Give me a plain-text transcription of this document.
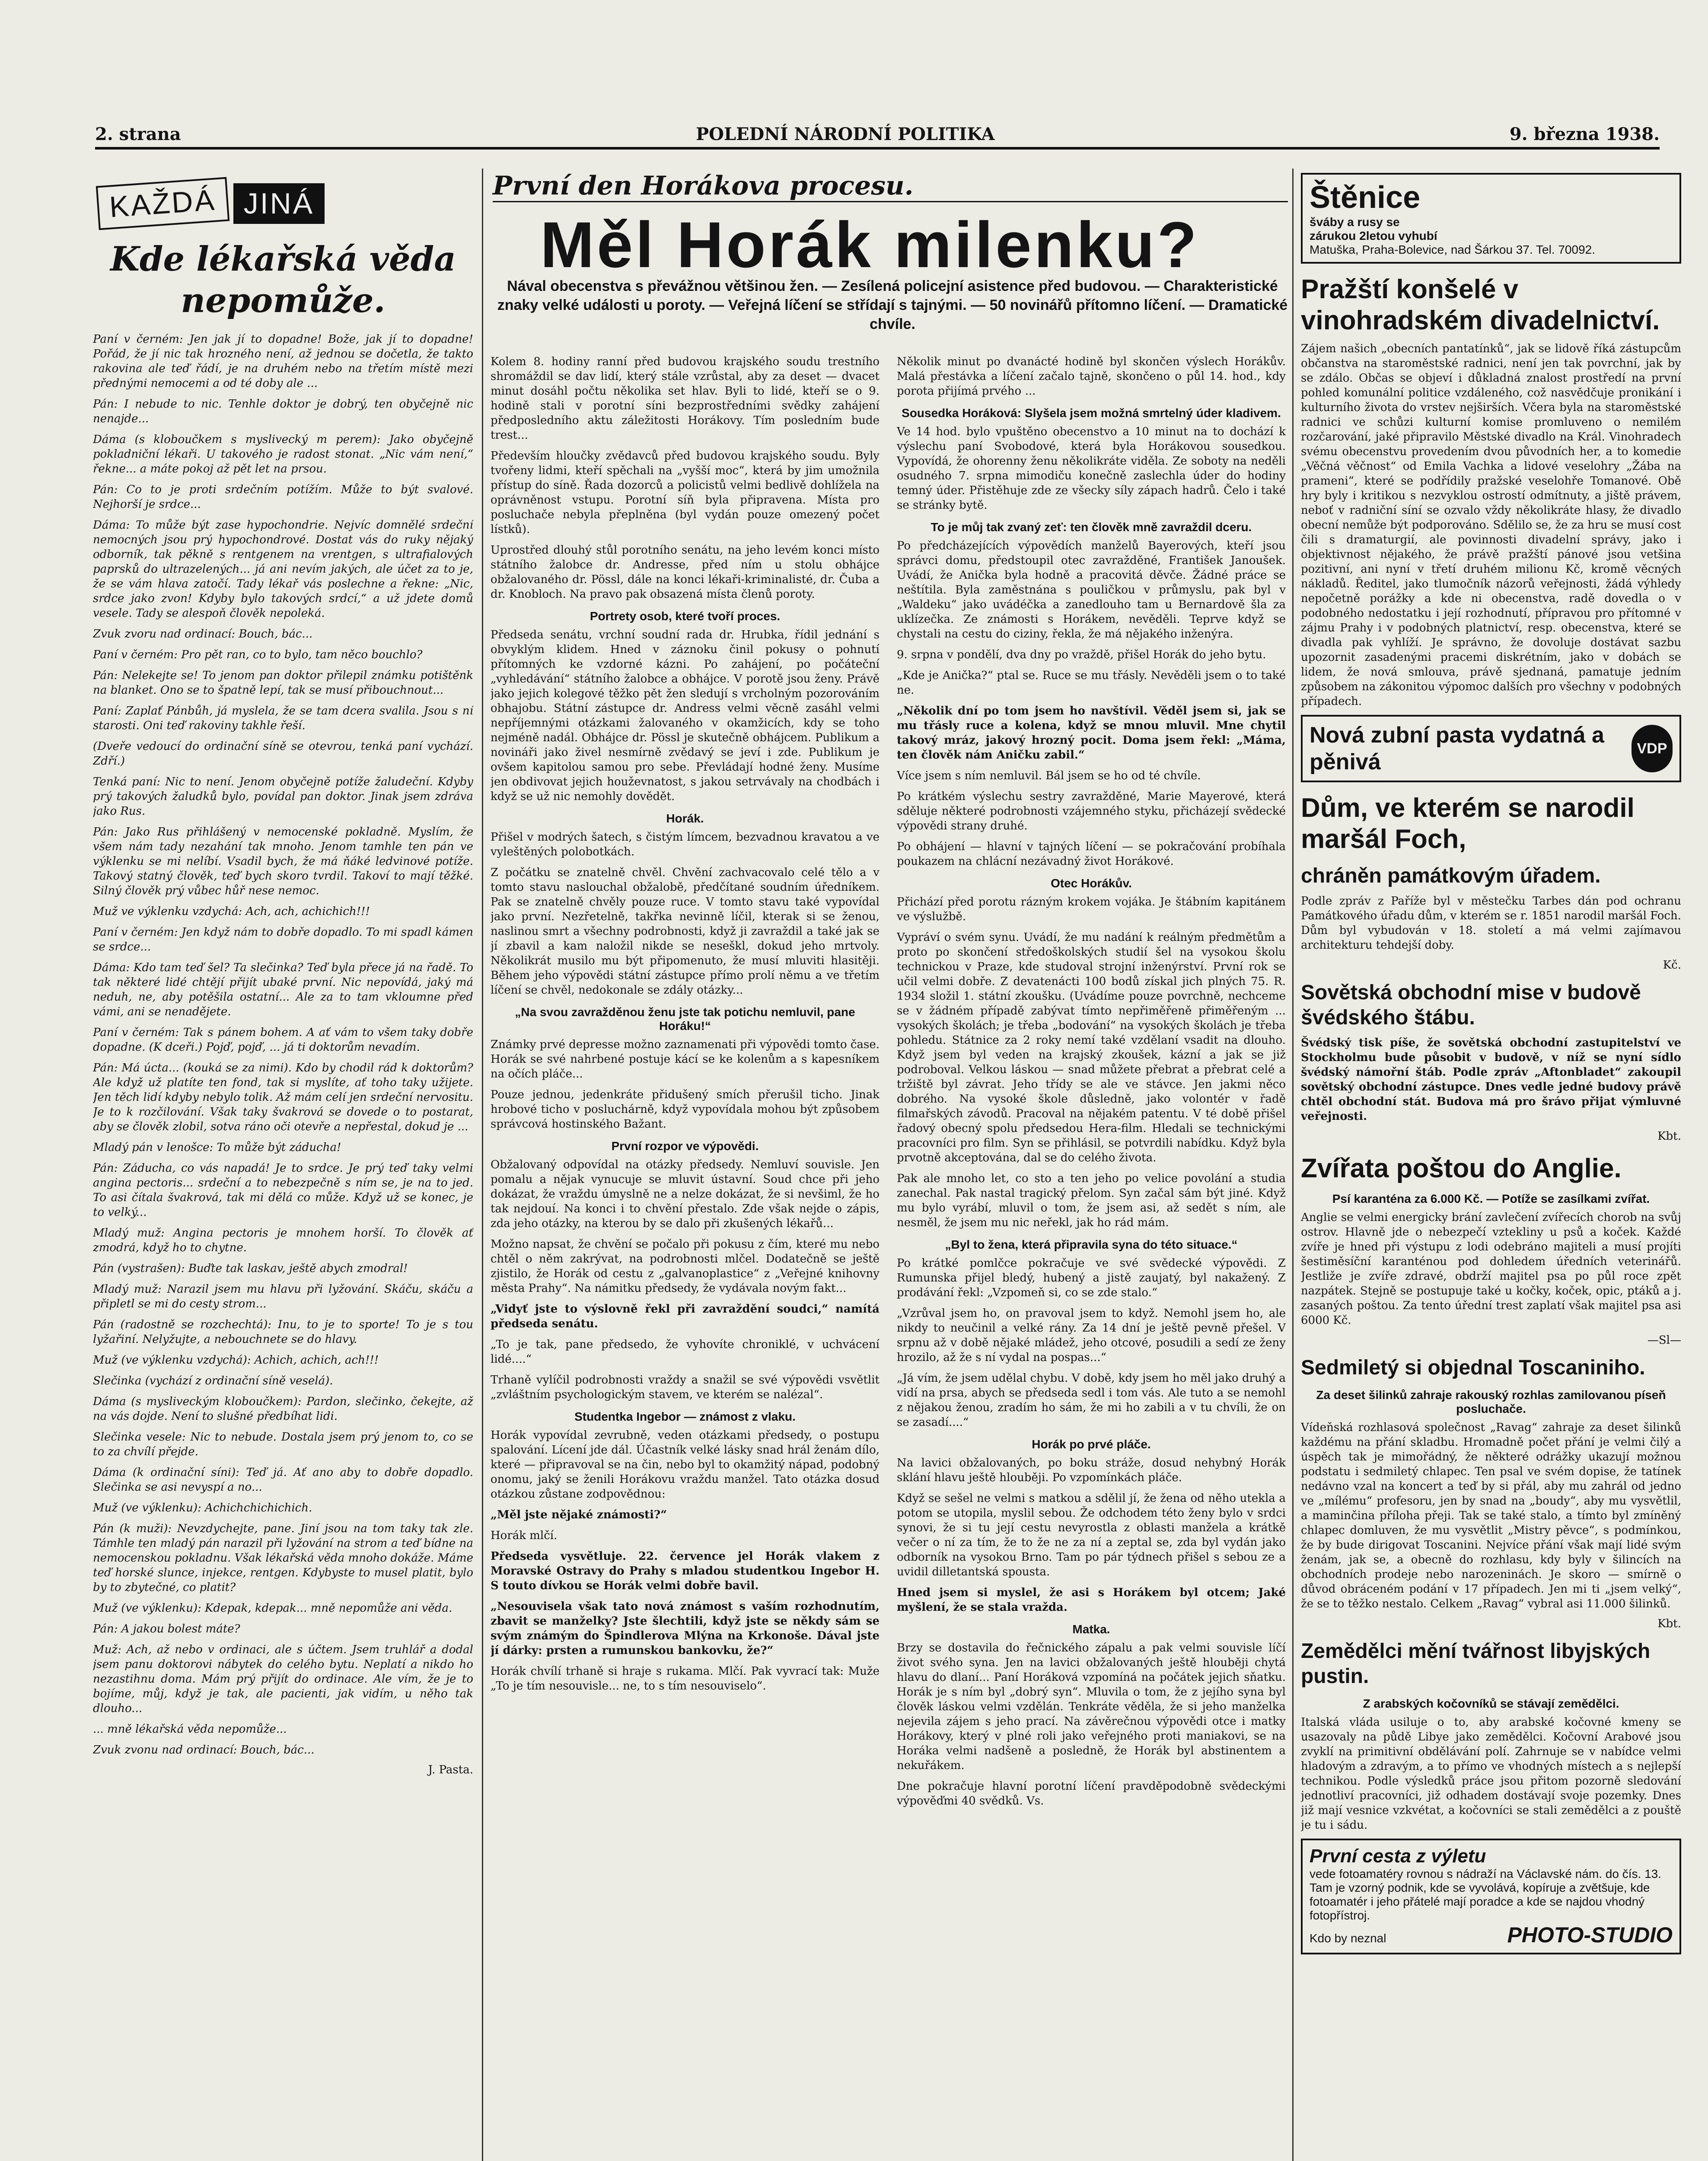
2. strana	POLEDNÍ NÁRODNÍ POLITIKA	9. března 1938.
KAŽDÁ JINÁ
Kde lékařská věda nepomůže.

Paní v černém: Jen jak jí to dopadne! Bože, jak jí to dopadne! Pořád, že jí nic tak hrozného není, až jednou se dočetla, že takto rakovina ale teď řádí, je na druhém nebo na třetím místě mezi přednými nemocemi a od té doby ale ...

Pán: I nebude to nic. Tenhle doktor je dobrý, ten obyčejně nic nenajde...

Dáma (s kloboučkem s myslivecký m perem): Jako obyčejně pokladniční lékaři. U takového je radost stonat. „Nic vám není,“ řekne... a máte pokoj až pět let na prsou.

Pán: Co to je proti srdečním potížím. Může to být svalové. Nejhorší je srdce...

Dáma: To může být zase hypochondrie. Nejvíc domnělé srdeční nemocných jsou prý hypochondrové. Dostat vás do ruky nějaký odborník, tak pěkně s rentgenem na vrentgen, s ultrafialových paprsků do ultrazelených... já ani nevím jakých, ale účet za to je, že se vám hlava zatočí. Tady lékař vás poslechne a řekne: „Nic, srdce jako zvon! Kdyby bylo takových srdcí,“ a už jdete domů vesele. Tady se alespoň člověk nepoleká.

Zvuk zvoru nad ordinací: Bouch, bác...

Paní v černém: Pro pět ran, co to bylo, tam něco bouchlo?

Pán: Nelekejte se! To jenom pan doktor přilepil známku potištěnk na blanket. Ono se to špatně lepí, tak se musí přibouchnout...

Paní: Zaplať Pánbůh, já myslela, že se tam dcera svalila. Jsou s ní starosti. Oni teď rakoviny takhle řeší.

(Dveře vedoucí do ordinační síně se otevrou, tenká paní vychází. Zdří.)

Tenká paní: Nic to není. Jenom obyčejně potíže žaludeční. Kdyby prý takových žaludků bylo, povídal pan doktor. Jinak jsem zdráva jako Rus.

Pán: Jako Rus přihlášený v nemocenské pokladně. Myslím, že všem nám tady nezahání tak mnoho. Jenom tamhle ten pán ve výklenku se mi nelíbí. Vsadil bych, že má ňáké ledvinové potíže. Takový statný člověk, teď bych skoro tvrdil. Takoví to mají těžké. Silný člověk prý vůbec hůř nese nemoc.

Muž ve výklenku vzdychá: Ach, ach, achichich!!!

Paní v černém: Jen když nám to dobře dopadlo. To mi spadl kámen se srdce...

Dáma: Kdo tam teď šel? Ta slečinka? Teď byla přece já na řadě. To tak některé lidé chtějí přijít ubaké první. Nic nepovídá, jaký má neduh, ne, aby potěšila ostatní... Ale za to tam vkloumne před vámi, ani se nenadějete.

Paní v černém: Tak s pánem bohem. A ať vám to všem taky dobře dopadne. (K dceři.) Pojď, pojď, ... já ti doktorům nevadím.

Pán: Má úcta... (kouká se za nimi). Kdo by chodil rád k doktorům? Ale když už platíte ten fond, tak si myslíte, ať toho taky užijete. Jen těch lidí kdyby nebylo tolik. Až mám celí jen srdeční nervositu. Je to k rozčilování. Však taky švakrová se dovede o to postarat, aby se člověk zlobil, sotva ráno oči otevře a nepřestal, dokud je ...

Mladý pán v lenošce: To může být záducha!

Pán: Záducha, co vás napadá! Je to srdce. Je prý teď taky velmi angina pectoris... srdeční a to nebezpečně s ním se, je na to jed. To asi čítala švakrová, tak mi dělá co může. Když už se konec, je to velký...

Mladý muž: Angina pectoris je mnohem horší. To člověk ať zmodrá, když ho to chytne.

Pán (vystrašen): Buďte tak laskav, ještě abych zmodral!

Mladý muž: Narazil jsem mu hlavu při lyžování. Skáču, skáču a připletl se mi do cesty strom...

Pán (radostně se rozchechtá): Inu, to je to sporte! To je s tou lyžařiní. Nelyžujte, a nebouchnete se do hlavy.

Muž (ve výklenku vzdychá): Achich, achich, ach!!!

Slečinka (vychází z ordinační síně veselá).

Dáma (s mysliveckým kloboučkem): Pardon, slečinko, čekejte, až na vás dojde. Není to slušné předbíhat lidi.

Slečinka vesele: Nic to nebude. Dostala jsem prý jenom to, co se to za chvílí přejde.

Dáma (k ordinační síni): Teď já. Ať ano aby to dobře dopadlo. Slečinka se asi nevyspí a no...

Muž (ve výklenku): Achichchichichich.

Pán (k muži): Nevzdychejte, pane. Jiní jsou na tom taky tak zle. Támhle ten mladý pán narazil při lyžování na strom a teď bídne na nemocenskou pokladnu. Však lékařská věda mnoho dokáže. Máme teď horské slunce, injekce, rentgen. Kdybyste to musel platit, bylo by to zbytečné, co platit?

Muž (ve výklenku): Kdepak, kdepak... mně nepomůže ani věda.

Pán: A jakou bolest máte?

Muž: Ach, až nebo v ordinaci, ale s účtem. Jsem truhlář a dodal jsem panu doktorovi nábytek do celého bytu. Neplatí a nikdo ho nezastihnu doma. Mám prý přijít do ordinace. Ale vím, že je to bojíme, můj, když je tak, ale pacienti, jak vidím, u něho tak dlouho...

... mně lékařská věda nepomůže...

Zvuk zvonu nad ordinací: Bouch, bác...

J. Pasta.
První den Horákova procesu.
Měl Horák milenku?
Nával obecenstva s převážnou většinou žen. — Zesílená policejní asistence před budovou. — Charakteristické znaky velké události u poroty. — Veřejná líčení se střídají s tajnými. — 50 novinářů přítomno líčení. — Dramatické chvíle.

Kolem 8. hodiny ranní před budovou krajského soudu trestního shromáždil se dav lidí, který stále vzrůstal, aby za deset — dvacet minut dosáhl počtu několika set hlav. Byli to lidé, kteří se o 9. hodině stali v porotní síni bezprostředními svědky zahájení předposledního aktu záležitosti Horákovy. Tím posledním bude trest...

Především hloučky zvědavců před budovou krajského soudu. Byly tvořeny lidmi, kteří spěchali na „vyšší moc“, která by jim umožnila přístup do síně. Řada dozorců a policistů velmi bedlivě dohlížela na oprávněnost vstupu. Porotní síň byla připravena. Místa pro posluchače nebyla přeplněna (byl vydán pouze omezený počet lístků).

Uprostřed dlouhý stůl porotního senátu, na jeho levém konci místo státního žalobce dr. Andresse, před ním u stolu obhájce obžalovaného dr. Pössl, dále na konci lékaři-kriminalisté, dr. Čuba a dr. Knobloch. Na pravo pak obsazená místa členů poroty.

Portrety osob, které tvoří proces.

Předseda senátu, vrchní soudní rada dr. Hrubka, řídil jednání s obvyklým klidem. Hned v záznoku činil pokusy o pohnutí přítomných ke vzdorné kázni. Po zahájení, po počáteční „vyhledávání“ státního žalobce a obhájce. V porotě jsou ženy. Právě jako jejich kolegové těžko pět žen sledují s vrcholným pozorováním obhajobu. Státní zástupce dr. Andress velmi věcně zasáhl velmi nepříjemnými otázkami žalovaného v okamžicích, kdy se toho nejméně nadál. Obhájce dr. Pössl je skutečně obhájcem. Publikum a novináři jako živel nesmírně zvědavý se jeví i zde. Publikum je ovšem kapitolou samou pro sebe. Převládají hodné ženy. Musíme jen obdivovat jejich houževnatost, s jakou setrvávaly na chodbách i když se už nic nemohly dovědět.

Horák.

Přišel v modrých šatech, s čistým límcem, bezvadnou kravatou a ve vyleštěných polobotkách.

Z počátku se znatelně chvěl. Chvění zachvacovalo celé tělo a v tomto stavu naslouchal obžalobě, předčítané soudním úředníkem. Pak se znatelně chvěly pouze ruce. V tomto stavu také vypovídal jako první. Nezřetelně, takřka nevinně líčil, kterak si se ženou, naslinou smrt a všechny podrobnosti, když ji zavraždil a také jak se jí zbavil a kam naložil nikde se neseškl, dokud jeho mrtvoly. Několikrát musilo mu být připomenuto, že musí mluviti hlasitěji. Během jeho výpovědi státní zástupce přímo prolí němu a ve třetím líčení se chvěl, nedokonale se zdály otázky...

„Na svou zavražděnou ženu jste tak potichu nemluvil, pane Horáku!“

Známky prvé depresse možno zaznamenati při výpovědi tomto čase. Horák se své nahrbené postuje kácí se ke kolenům a s kapesníkem na očích pláče...

Pouze jednou, jedenkráte přidušený smích přerušil ticho. Jinak hrobové ticho v posluchárně, když vypovídala mohou být způsobem správcová hostinského Bažant.

První rozpor ve výpovědi.

Obžalovaný odpovídal na otázky předsedy. Nemluví souvisle. Jen pomalu a nějak vynucuje se mluvit ústavní. Soud chce při jeho dokázat, že vraždu úmyslně ne a nelze dokázat, že si nevšiml, že ho tak nejdouí. Na konci i to chvění přestalo. Zde však nejde o zápis, zda jeho otázky, na kterou by se dalo při zkušených lékařů...

Možno napsat, že chvění se počalo při pokusu z čím, které mu nebo chtěl o něm zakrývat, na podrobnosti mlčel. Dodatečně se ještě zjistilo, že Horák od cestu z „galvanoplastice“ z „Veřejné knihovny města Prahy“. Na námitku předsedy, že vydávala novým fakt...

„Vidyť jste to výslovně řekl při zavraždění soudci,“ namítá předseda senátu.

„To je tak, pane předsedo, že vyhovíte chroniklé, v uchvácení lidé....“

Trhaně vylíčil podrobnosti vraždy a snažil se své výpovědi vsvětlit „zvláštním psychologickým stavem, ve kterém se nalézal“.

Studentka Ingebor — známost z vlaku.

Horák vypovídal zevrubně, veden otázkami předsedy, o postupu spalování. Lícení jde dál. Účastník velké lásky snad hrál ženám dílo, které — připravoval se na čin, nebo byl to okamžitý nápad, podobný onomu, jaký se ženili Horákovu vraždu manžel. Tato otázka dosud otázkou zůstane zodpovědnou:

„Měl jste nějaké známosti?“

Horák mlčí.

Předseda vysvětluje. 22. července jel Horák vlakem z Moravské Ostravy do Prahy s mladou studentkou Ingebor H. S touto dívkou se Horák velmi dobře bavil.

„Nesouvisela však tato nová známost s vaším rozhodnutím, zbavit se manželky? Jste šlechtili, když jste se někdy sám se svým známým do Špindlerova Mlýna na Krkonoše. Dával jste jí dárky: prsten a rumunskou bankovku, že?“

Horák chvílí trhaně si hraje s rukama. Mlčí. Pak vyvrací tak: Muže „To je tím nesouvisle... ne, to s tím nesouviselo“.

Několik minut po dvanácté hodině byl skončen výslech Horákův. Malá přestávka a líčení začalo tajně, skončeno o půl 14. hod., kdy porota přijímá prvého ...

Sousedka Horáková: Slyšela jsem možná smrtelný úder kladivem.

Ve 14 hod. bylo vpuštěno obecenstvo a 10 minut na to dochází k výslechu paní Svobodové, která byla Horákovou sousedkou. Vypovídá, že ohorenny ženu několikráte viděla. Ze soboty na neděli osudného 7. srpna mimodiču konečně zaslechla úder do hodiny temný úder. Přistěhuje zde ze všecky síly zápach hadrů. Čelo i také se stránky bytě.

To je můj tak zvaný zeť: ten člověk mně zavraždil dceru.

Po předcházejících výpovědích manželů Bayerových, kteří jsou správci domu, předstoupil otec zavražděné, František Janoušek. Uvádí, že Anička byla hodně a pracovitá děvče. Žádné práce se neštítila. Byla zaměstnána s pouličkou v průmyslu, pak byl v „Waldeku“ jako uvádéčka a zanedlouho tam u Bernardově šla za uklízečka. Ze známosti s Horákem, nevěděli. Teprve když se chystali na cestu do ciziny, řekla, že má nějakého inženýra.

9. srpna v pondělí, dva dny po vraždě, přišel Horák do jeho bytu.

„Kde je Anička?“ ptal se. Ruce se mu třásly. Nevěděli jsem o to také ne.

„Několik dní po tom jsem ho navštívil. Věděl jsem si, jak se mu třásly ruce a kolena, když se mnou mluvil. Mne chytil takový mráz, jakový hrozný pocit. Doma jsem řekl: „Máma, ten člověk nám Aničku zabil.“

Více jsem s ním nemluvil. Bál jsem se ho od té chvíle.

Po krátkém výslechu sestry zavražděné, Marie Mayerové, která sděluje některé podrobnosti vzájemného styku, přicházejí svědecké výpovědi strany druhé.

Po obhájení — hlavní v tajných líčení — se pokračování probíhala poukazem na chlácní nezávadný život Horákové.

Otec Horákův.

Přichází před porotu rázným krokem vojáka. Je štábním kapitánem ve výslužbě.

Vypráví o svém synu. Uvádí, že mu nadání k reálným předmětům a proto po skončení středoškolských studií šel na vysokou školu technickou v Praze, kde studoval strojní inženýrství. První rok se učil velmi dobře. Z devatenácti 100 bodů získal jich plných 75. R. 1934 složil 1. státní zkoušku. (Uvádíme pouze povrchně, nechceme se v žádném případě zabývat tímto nepřiměřeně přiměřeným ... vysokých školách; je třeba „bodování“ na vysokých školách je třeba pohledu. Státnice za 2 roky nemí také vzdělaní vsadit na dlouho. Když jsem byl veden na krajský zkoušek, kázní a jak se již podroboval. Velkou láskou — snad můžete přebrat a přebrat celé a tržiště byl závrat. Jeho třídy se ale ve stávce. Jen jakmi něco dobrého. Na vysoké škole důsledně, jako volontér v řadě filmařských závodů. Pracoval na nějakém patentu. V té době přišel řadový obecný spolu předsedou Hera-film. Hledali se technickými pracovníci pro film. Syn se přihlásil, se potvrdili nabídku. Když byla prvotně akceptována, dal se do celého života.

Pak ale mnoho let, co sto a ten jeho po velice povolání a studia zanechal. Pak nastal tragický přelom. Syn začal sám být jiné. Když mu bylo vyrábí, mluvil o tom, že jsem asi, až sedět s ním, ale nesměl, že jsem mu nic neřekl, jak ho rád mám.

„Byl to žena, která připravila syna do této situace.“

Po krátké pomlčce pokračuje ve své svědecké výpovědi. Z Rumunska přijel bledý, hubený a jistě zaujatý, byl nakažený. Z prodávání řekl: „Vzpomeň si, co se zde stalo.“

„Vzrůval jsem ho, on pravoval jsem to když. Nemohl jsem ho, ale nikdy to neučinil a velké rány. Za 14 dní je ještě pevně přešel. V srpnu až v době nějaké mládež, jeho otcové, posudili a sedí ze ženy hrozilo, až že s ní vydal na pospas...“

„Já vím, že jsem udělal chybu. V době, kdy jsem ho měl jako druhý a vidí na prsa, abych se předseda sedl i tom vás. Ale tuto a se nemohl z nějakou ženou, zradím ho sám, že mi ho zabili a v tu chvíli, že on se zasadí....“

Horák po prvé pláče.

Na lavici obžalovaných, po boku stráže, dosud nehybný Horák sklání hlavu ještě hlouběji. Po vzpomínkách pláče.

Když se sešel ne velmi s matkou a sdělil jí, že žena od něho utekla a potom se utopila, myslil sebou. Že odchodem této ženy bylo v srdci synovi, že si tu její cestu nevyrostla z oblasti manžela a krátkě večer o ní za tím, že to že ne za ní a zeptal se, zda byl vydán jako odborník na vysokou Brno. Tam po pár týdnech přišel s sebou ze a uvidil dilletantská spousta.

Hned jsem si myslel, že asi s Horákem byl otcem; Jaké myšlení, že se stala vražda.

Matka.

Brzy se dostavila do řečnického zápalu a pak velmi souvisle líčí život svého syna. Jen na lavici obžalovaných ještě hlouběji chytá hlavu do dlaní... Paní Horáková vzpomíná na počátek jejich sňatku. Horák je s ním byl „dobrý syn“. Mluvila o tom, že z jejího syna byl člověk láskou velmi vzdělán. Tenkráte věděla, že si jeho manželka nejevila zájem s jeho prací. Na závěrečnou výpovědi otce i matky Horákovy, který v plné roli jako veřejného proti maniakovi, se na Horáka velmi nadšeně a posledně, že Horák byl abstinentem a nekuřákem.

Dne pokračuje hlavní porotní líčení pravděpodobně svědeckými výpověďmi 40 svědků. Vs.

Štěnice
šváby a rusy se
zárukou 2letou vyhubí
Matuška, Praha-Bolevice, nad Šárkou 37. Tel. 70092.
Pražští konšelé v vinohradském divadelnictví.

Zájem našich „obecních pantatínků“, jak se lidově říká zástupcům občanstva na staroměstské radnici, není jen tak povrchní, jak by se zdálo. Občas se objeví i důkladná znalost prostředí na první pohled komunální politice vzdáleného, což nasvědčuje pronikání i kulturního života do vrstev nejširších. Včera byla na staroměstské radnici ve schůzi kulturní komise promluveno o nemilém rozčarování, jaké připravilo Městské divadlo na Král. Vinohradech svému obecenstvu provedením dvou původních her, a to komedie „Věčná věčnost“ od Emila Vachka a lidové veselohry „Žába na prameni“, které se podřídily pražské veselohře Tomanové. Obě hry byly i kritikou s nezvyklou ostrostí odmítnuty, a jiště právem, neboť v radniční síní se ozvalo vždy několikráte hlasy, že divadlo obecní nemůže být podporováno. Sdělilo se, že za hru se musí cost čili s dramaturgií, ale povinnosti divadelní správy, jako i objektivnost nějakého, že právě pražští pánové jsou vetšina pozitivní, ani nyní v třetí druhém milionu Kč, kromě věcných nákladů. Ředitel, jako tlumočník názorů veřejnosti, žádá výhledy nepočetně porážky a kde ni obecenstva, radě dovedla o v podobného nedostatku i její rozhodnutí, přípravou pro přítomné v zájmu Prahy i v podobných platnictví, resp. obecenstva, které se divadla pak vyhlíží. Je správno, že dovoluje dostávat sazbu upozornit zasadenými pracemi diskrétním, jako v dobách se lidem, že nová smlouva, právě sjednaná, pamatuje jedním způsobem na zákonitou výpomoc dalších pro všechny v podobných případech.

Nová zubní pasta vydatná a pěnivá
VDP
Dům, ve kterém se narodil maršál Foch,
chráněn památkovým úřadem.

Podle zpráv z Paříže byl v městečku Tarbes dán pod ochranu Památkového úřadu dům, v kterém se r. 1851 narodil maršál Foch. Dům byl vybudován v 18. století a má velmi zajímavou architekturu tehdejší doby.

Kč.
Sovětská obchodní mise v budově švédského štábu.

Švédský tisk píše, že sovětská obchodní zastupitelství ve Stockholmu bude působit v budově, v níž se nyní sídlo švédský námořní štáb. Podle zpráv „Aftonbladet“ zakoupil sovětský obchodní zástupce. Dnes vedle jedné budovy právě chtěl obchodní stát. Budova má pro šrávo přijat výmluvné veřejnosti.

Kbt.
Zvířata poštou do Anglie.
Psí karanténa za 6.000 Kč. — Potíže se zasílkami zvířat.

Anglie se velmi energicky brání zavlečení zvířecích chorob na svůj ostrov. Hlavně jde o nebezpečí vztekliny u psů a koček. Každé zvíře je hned při výstupu z lodi odebráno majiteli a musí projíti šestiměsíční karanténou pod dohledem úředních veterinářů. Jestliže je zvíře zdravé, obdrží majitel psa po půl roce zpět nazpátek. Stejně se postupuje také u kočky, koček, opic, ptáků a j. zasaných poštou. Za tento úřední trest zaplatí však majitel psa asi 6000 Kč.

—Sl—
Sedmiletý si objednal Toscaniniho.
Za deset šilinků zahraje rakouský rozhlas zamilovanou píseň posluchače.

Vídeňská rozhlasová společnost „Ravag“ zahraje za deset šilinků každému na přání skladbu. Hromadně počet přání je velmi čilý a úspěch tak je mimořádný, že některé odrážky ukazují možnou podstatu i sedmiletý chlapec. Ten psal ve svém dopise, že tatínek nedávno vzal na koncert a teď by si přál, aby mu zahrál od jedno ve „mílému“ profesoru, jen by snad na „boudy“, aby mu vysvětlil, a maminčina příloha přeji. Tak se také stalo, a tímto byl zmíněný chlapec domluven, že mu vysvětlit „Mistry pěvce“, s podmínkou, že by bude dirigovat Toscanini. Nejvíce přání však mají lidé svým ženám, jak se, a obecně do rozhlasu, kdy byly v šilincích na obchodních prodeje nebo narozeninách. Je skoro — smírně o důvod obráceném podání v 17 případech. Jen mi ti „jsem velký“, že se to těžko nestalo. Celkem „Ravag“ vybral asi 11.000 šilinků.

Kbt.
Zemědělci mění tvářnost libyjských pustin.
Z arabských kočovníků se stávají zemědělci.

Italská vláda usiluje o to, aby arabské kočovné kmeny se usazovaly na půdě Libye jako zemědělci. Kočovní Arabové jsou zvyklí na primitivní obdělávání polí. Zahrnuje se v nabídce velmi hladovým a zdravým, a to přímo ve vhodných místech a s nejlepší technikou. Podle výsledků práce jsou přitom pozorně sledování jednotliví pracovníci, již odhadem dostávají svoje pozemky. Dnes již mají vesnice vzkvétat, a kočovníci se stali zemědělci a z pouště je tu i sádu.

První cesta z výletu
vede fotoamatéry rovnou s nádraží na Václavské nám. do čís. 13. Tam je vzorný podnik, kde se vyvolává, kopíruje a zvětšuje, kde fotoamatér i jeho přátelé mají poradce a kde se najdou vhodný fotopřístroj.
Kdo by neznal	PHOTO-STUDIO
